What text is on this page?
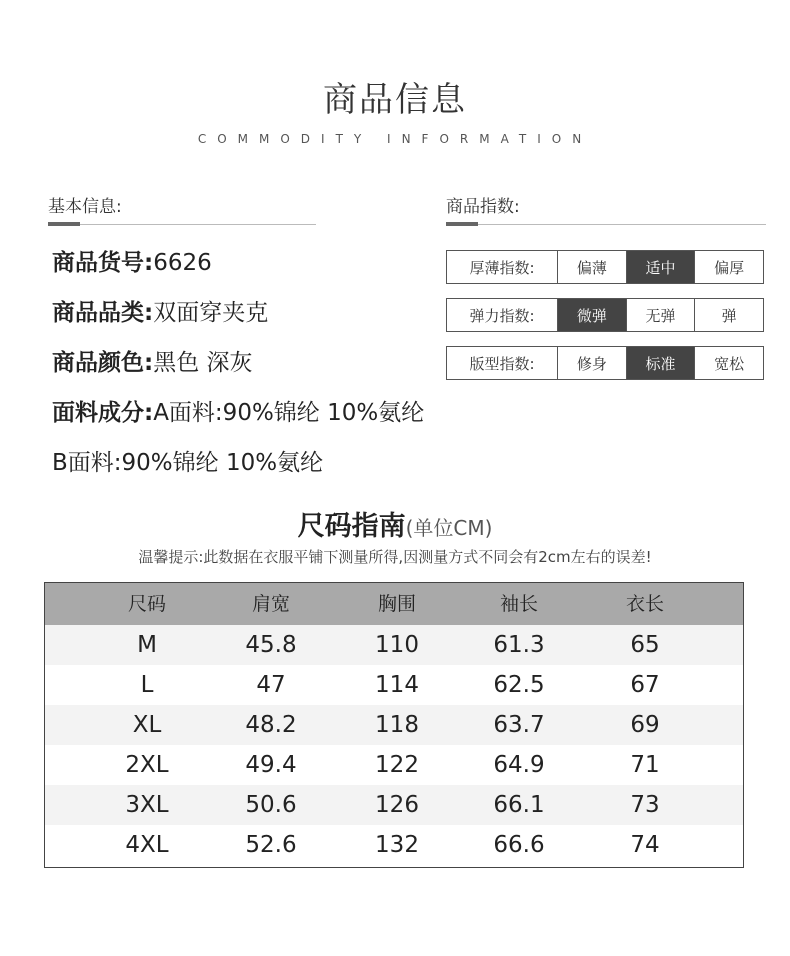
商品信息
COMMODITY INFORMATION
基本信息:
商品货号:6626
商品品类:双面穿夹克
商品颜色:黑色 深灰
面料成分:A面料:90%锦纶 10%氨纶
B面料:90%锦纶 10%氨纶
商品指数:
厚薄指数:	偏薄	适中	偏厚
弹力指数:	微弹	无弹	弹
版型指数:	修身	标准	宽松
尺码指南(单位CM)
温馨提示:此数据在衣服平铺下测量所得,因测量方式不同会有2cm左右的误差!
尺码	肩宽	胸围	袖长	衣长
M	45.8	110	61.3	65
L	47	114	62.5	67
XL	48.2	118	63.7	69
2XL	49.4	122	64.9	71
3XL	50.6	126	66.1	73
4XL	52.6	132	66.6	74
